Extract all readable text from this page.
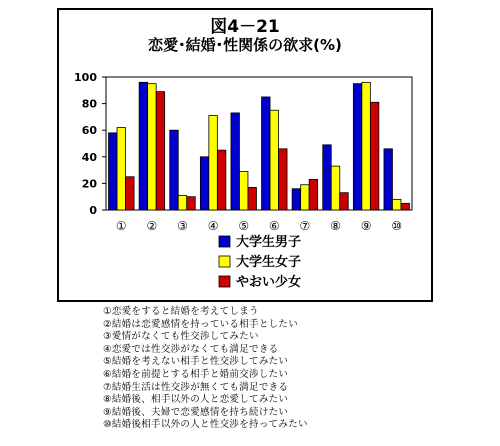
図4－21
恋愛･結婚･性関係の欲求(%)
0
20
40
60
80
100
① ② ③ ④ ⑤ ⑥ ⑦ ⑧ ⑨ ⑩
大学生男子
大学生女子
やおい少女
①恋愛をすると結婚を考えてしまう
②結婚は恋愛感情を持っている相手としたい
③愛情がなくても性交渉してみたい
④恋愛では性交渉がなくても満足できる
⑤結婚を考えない相手と性交渉してみたい
⑥結婚を前提とする相手と婚前交渉したい
⑦結婚生活は性交渉が無くても満足できる
⑧結婚後、相手以外の人と恋愛してみたい
⑨結婚後、夫婦で恋愛感情を持ち続けたい
⑩結婚後相手以外の人と性交渉を持ってみたい
